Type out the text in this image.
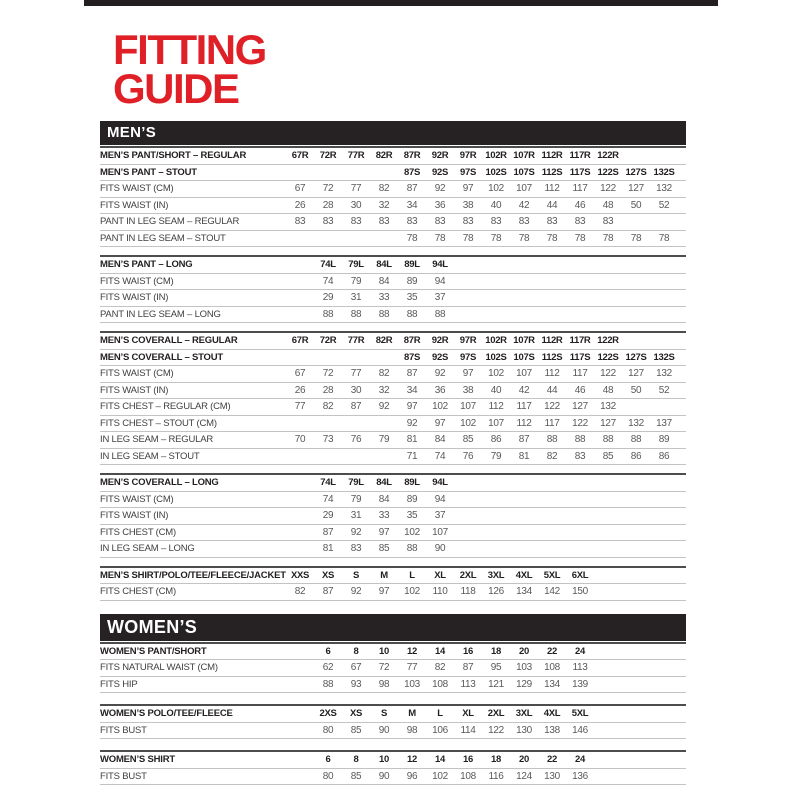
FITTING
GUIDE
MEN’S
MEN’S PANT/SHORT – REGULAR	67R	72R	77R	82R	87R	92R	97R	102R	107R	112R	117R	122R			
MEN’S PANT – STOUT					87S	92S	97S	102S	107S	112S	117S	122S	127S	132S	
FITS WAIST (CM)	67	72	77	82	87	92	97	102	107	112	117	122	127	132	
FITS WAIST (IN)	26	28	30	32	34	36	38	40	42	44	46	48	50	52	
PANT IN LEG SEAM – REGULAR	83	83	83	83	83	83	83	83	83	83	83	83			
PANT IN LEG SEAM – STOUT					78	78	78	78	78	78	78	78	78	78	
MEN’S PANT – LONG		74L	79L	84L	89L	94L									
FITS WAIST (CM)		74	79	84	89	94									
FITS WAIST (IN)		29	31	33	35	37									
PANT IN LEG SEAM – LONG		88	88	88	88	88									
MEN’S COVERALL – REGULAR	67R	72R	77R	82R	87R	92R	97R	102R	107R	112R	117R	122R			
MEN’S COVERALL – STOUT					87S	92S	97S	102S	107S	112S	117S	122S	127S	132S	
FITS WAIST (CM)	67	72	77	82	87	92	97	102	107	112	117	122	127	132	
FITS WAIST (IN)	26	28	30	32	34	36	38	40	42	44	46	48	50	52	
FITS CHEST – REGULAR (CM)	77	82	87	92	97	102	107	112	117	122	127	132			
FITS CHEST – STOUT (CM)					92	97	102	107	112	117	122	127	132	137	
IN LEG SEAM – REGULAR	70	73	76	79	81	84	85	86	87	88	88	88	88	89	
IN LEG SEAM – STOUT					71	74	76	79	81	82	83	85	86	86	
MEN’S COVERALL – LONG		74L	79L	84L	89L	94L									
FITS WAIST (CM)		74	79	84	89	94									
FITS WAIST (IN)		29	31	33	35	37									
FITS CHEST (CM)		87	92	97	102	107									
IN LEG SEAM – LONG		81	83	85	88	90									
MEN’S SHIRT/POLO/TEE/FLEECE/JACKET	XXS	XS	S	M	L	XL	2XL	3XL	4XL	5XL	6XL				
FITS CHEST (CM)	82	87	92	97	102	110	118	126	134	142	150				
WOMEN’S
WOMEN’S PANT/SHORT		6	8	10	12	14	16	18	20	22	24				
FITS NATURAL WAIST (CM)		62	67	72	77	82	87	95	103	108	113				
FITS HIP		88	93	98	103	108	113	121	129	134	139				
WOMEN’S POLO/TEE/FLEECE		2XS	XS	S	M	L	XL	2XL	3XL	4XL	5XL				
FITS BUST		80	85	90	98	106	114	122	130	138	146				
WOMEN’S SHIRT		6	8	10	12	14	16	18	20	22	24				
FITS BUST		80	85	90	96	102	108	116	124	130	136				
